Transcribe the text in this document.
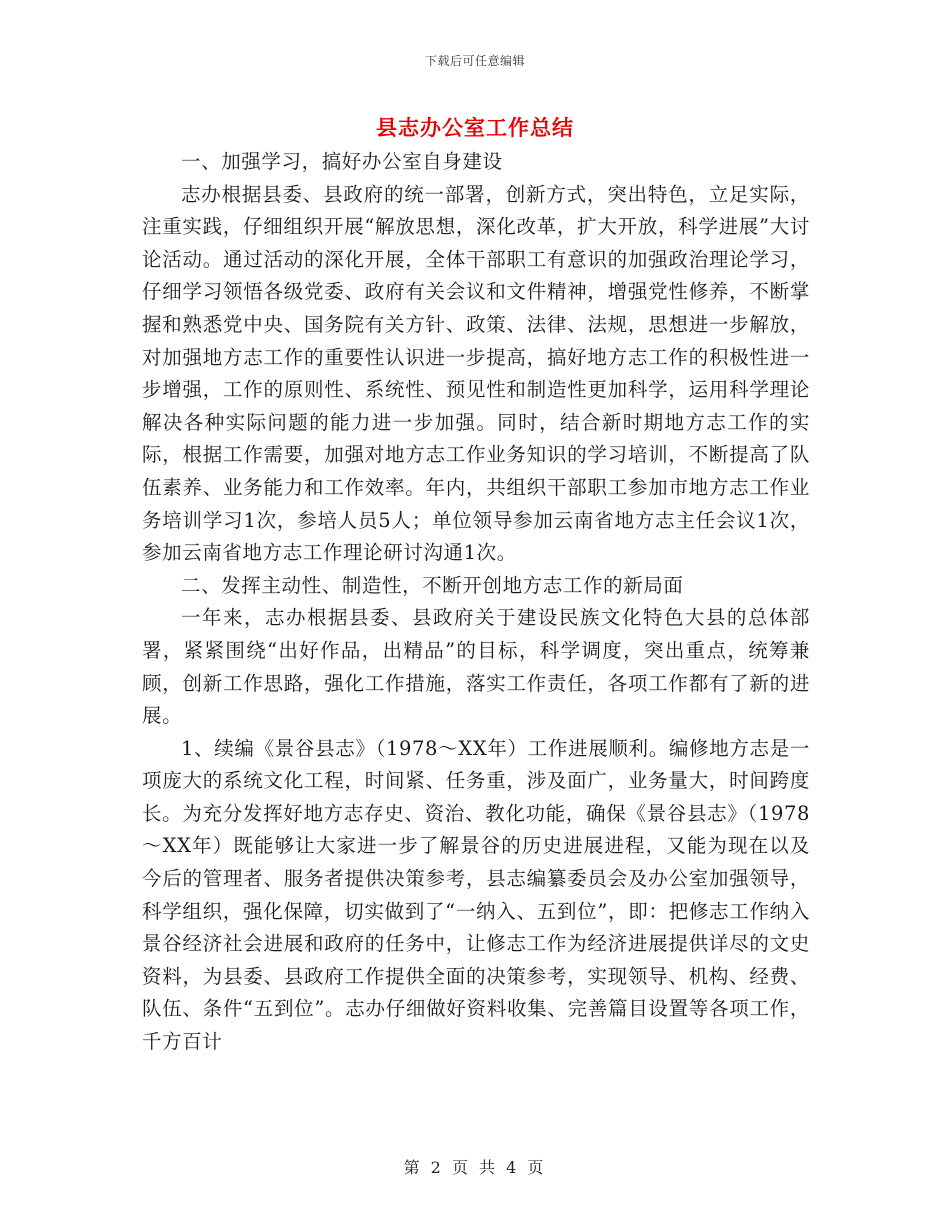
下载后可任意编辑
县志办公室工作总结

一、加强学习，搞好办公室自身建设

志办根据县委、县政府的统一部署，创新方式，突出特色，立足实际，注重实践，仔细组织开展“解放思想，深化改革，扩大开放，科学进展”大讨论活动。通过活动的深化开展，全体干部职工有意识的加强政治理论学习，仔细学习领悟各级党委、政府有关会议和文件精神，增强党性修养，不断掌握和熟悉党中央、国务院有关方针、政策、法律、法规，思想进一步解放，对加强地方志工作的重要性认识进一步提高，搞好地方志工作的积极性进一步增强，工作的原则性、系统性、预见性和制造性更加科学，运用科学理论解决各种实际问题的能力进一步加强。同时，结合新时期地方志工作的实际，根据工作需要，加强对地方志工作业务知识的学习培训，不断提高了队伍素养、业务能力和工作效率。年内，共组织干部职工参加市地方志工作业务培训学习1次，参培人员5人；单位领导参加云南省地方志主任会议1次，参加云南省地方志工作理论研讨沟通1次。

二、发挥主动性、制造性，不断开创地方志工作的新局面

一年来，志办根据县委、县政府关于建设民族文化特色大县的总体部署，紧紧围绕“出好作品，出精品”的目标，科学调度，突出重点，统筹兼顾，创新工作思路，强化工作措施，落实工作责任，各项工作都有了新的进展。

1、续编《景谷县志》（1978～XX年）工作进展顺利。编修地方志是一项庞大的系统文化工程，时间紧、任务重，涉及面广，业务量大，时间跨度长。为充分发挥好地方志存史、资治、教化功能，确保《景谷县志》（1978～XX年）既能够让大家进一步了解景谷的历史进展进程，又能为现在以及今后的管理者、服务者提供决策参考，县志编纂委员会及办公室加强领导，科学组织，强化保障，切实做到了“一纳入、五到位”，即：把修志工作纳入景谷经济社会进展和政府的任务中，让修志工作为经济进展提供详尽的文史资料，为县委、县政府工作提供全面的决策参考，实现领导、机构、经费、队伍、条件“五到位”。志办仔细做好资料收集、完善篇目设置等各项工作，千方百计

第 2 页 共 4 页
